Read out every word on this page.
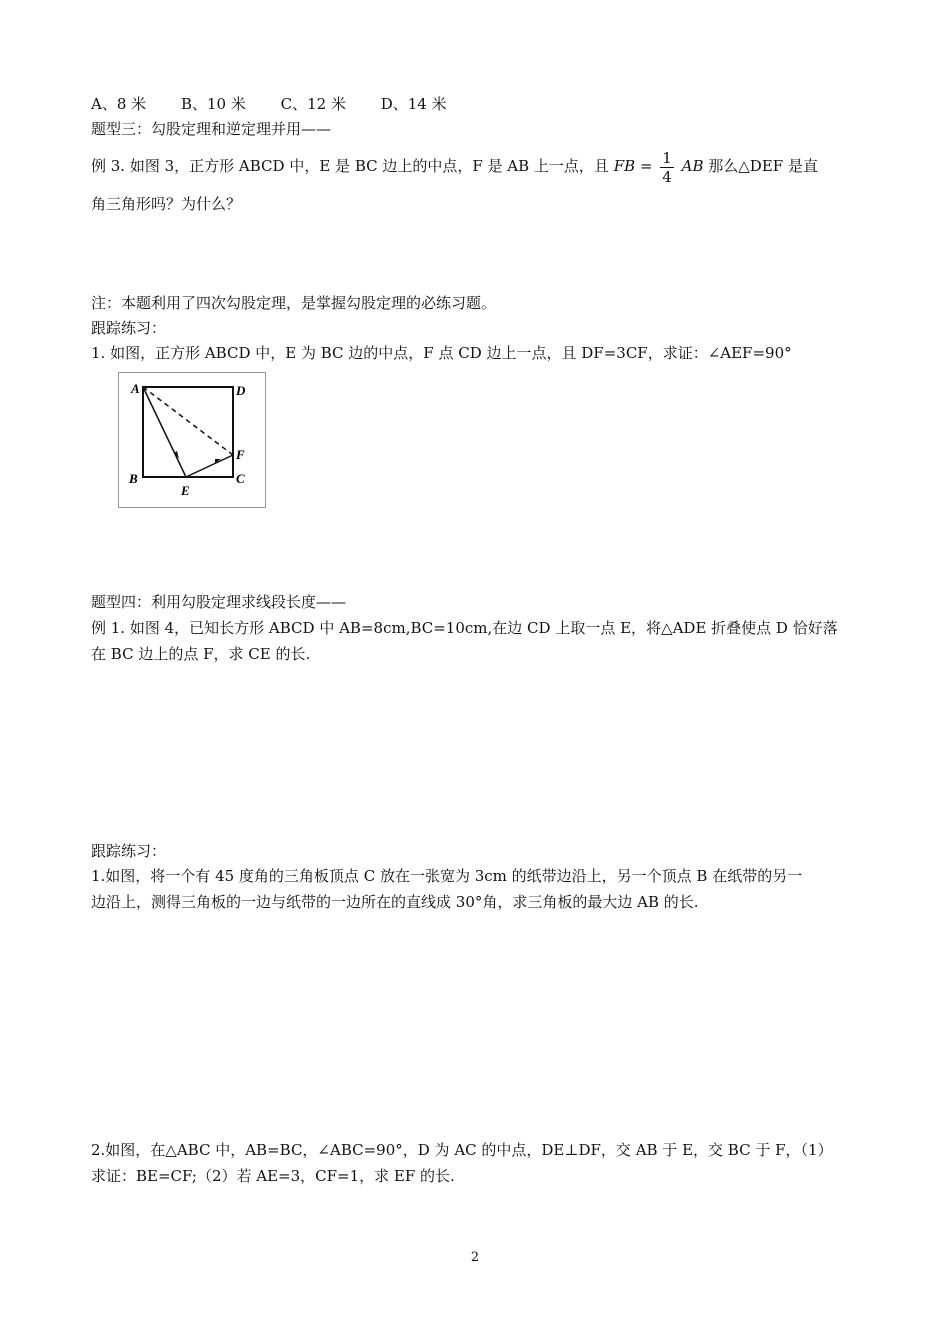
A、8 米 B、10 米 C、12 米 D、14 米
题型三：勾股定理和逆定理并用——
例 3. 如图 3，正方形 ABCD 中，E 是 BC 边上的中点，F 是 AB 上一点，且 FB = $\frac{1}{4}$ AB 那么△DEF 是直
角三角形吗？为什么？
注：本题利用了四次勾股定理，是掌握勾股定理的必练习题。
跟踪练习：
1. 如图，正方形 ABCD 中，E 为 BC 边的中点，F 点 CD 边上一点，且 DF=3CF，求证：∠AEF=90°
A	D
B	C
E
F
题型四：利用勾股定理求线段长度——
例 1. 如图 4，已知长方形 ABCD 中 AB=8cm,BC=10cm,在边 CD 上取一点 E，将△ADE 折叠使点 D 恰好落
在 BC 边上的点 F，求 CE 的长.
跟踪练习：
1.如图，将一个有 45 度角的三角板顶点 C 放在一张宽为 3cm 的纸带边沿上，另一个顶点 B 在纸带的另一
边沿上，测得三角板的一边与纸带的一边所在的直线成 30°角，求三角板的最大边 AB 的长.
2.如图，在△ABC 中，AB=BC，∠ABC=90°，D 为 AC 的中点，DE⊥DF，交 AB 于 E，交 BC 于 F，（1）
求证：BE=CF;（2）若 AE=3，CF=1，求 EF 的长.
2
